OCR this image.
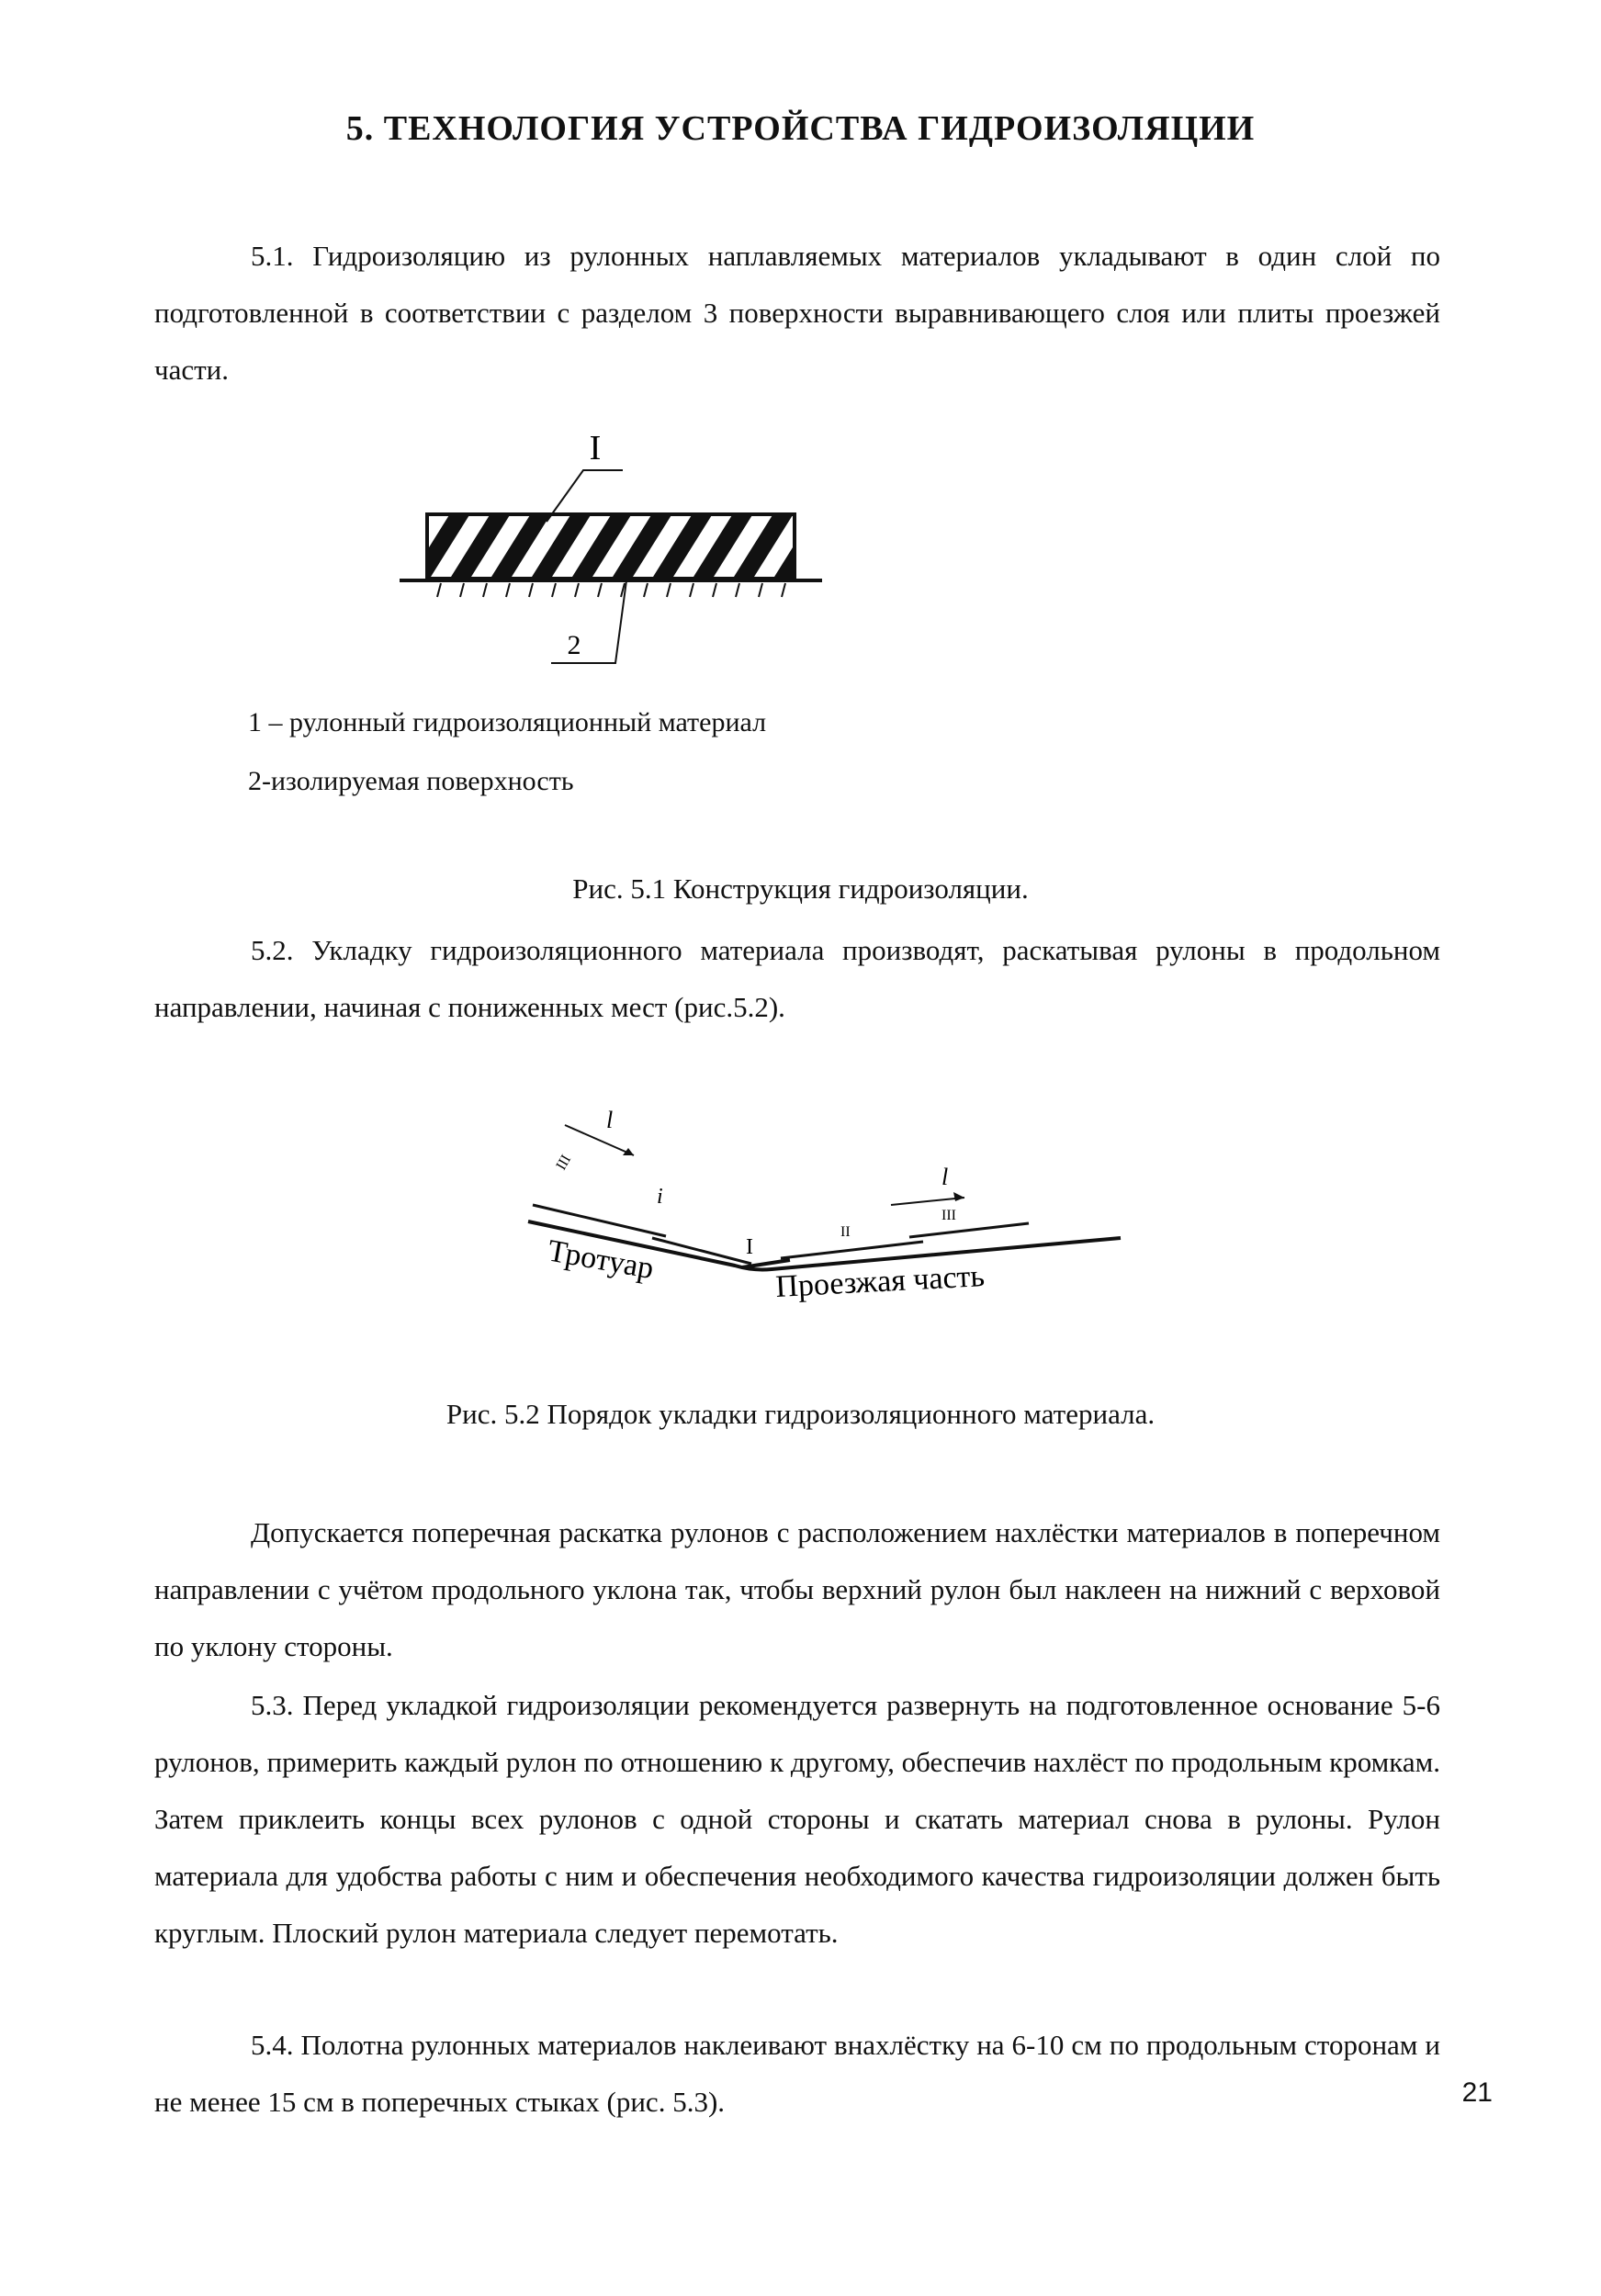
5. ТЕХНОЛОГИЯ УСТРОЙСТВА ГИДРОИЗОЛЯЦИИ
5.1. Гидроизоляцию из рулонных наплавляемых материалов укладывают в один слой по подготовленной в соответствии с разделом 3 поверхности выравнивающего слоя или плиты проезжей части.
I
2
1 – рулонный гидроизоляционный материал
2-изолируемая поверхность
Рис. 5.1 Конструкция гидроизоляции.
5.2. Укладку гидроизоляционного материала производят, раскатывая рулоны в продольном направлении, начиная с пониженных мест (рис.5.2).
l
l
III
i
I
II
III
Тротуар	Проезжая часть
Рис. 5.2 Порядок укладки гидроизоляционного материала.
Допускается поперечная раскатка рулонов с расположением нахлёстки материалов в поперечном направлении с учётом продольного уклона так, чтобы верхний рулон был наклеен на нижний с верховой по уклону стороны.
5.3. Перед укладкой гидроизоляции рекомендуется развернуть на подготовленное основание 5-6 рулонов, примерить каждый рулон по отношению к другому, обеспечив нахлёст по продольным кромкам. Затем приклеить концы всех рулонов с одной стороны и скатать материал снова в рулоны. Рулон материала для удобства работы с ним и обеспечения необходимого качества гидроизоляции должен быть круглым. Плоский рулон материала следует перемотать.
5.4. Полотна рулонных материалов наклеивают внахлёстку на 6-10 см по продольным сторонам и не менее 15 см в поперечных стыках (рис. 5.3).	21
